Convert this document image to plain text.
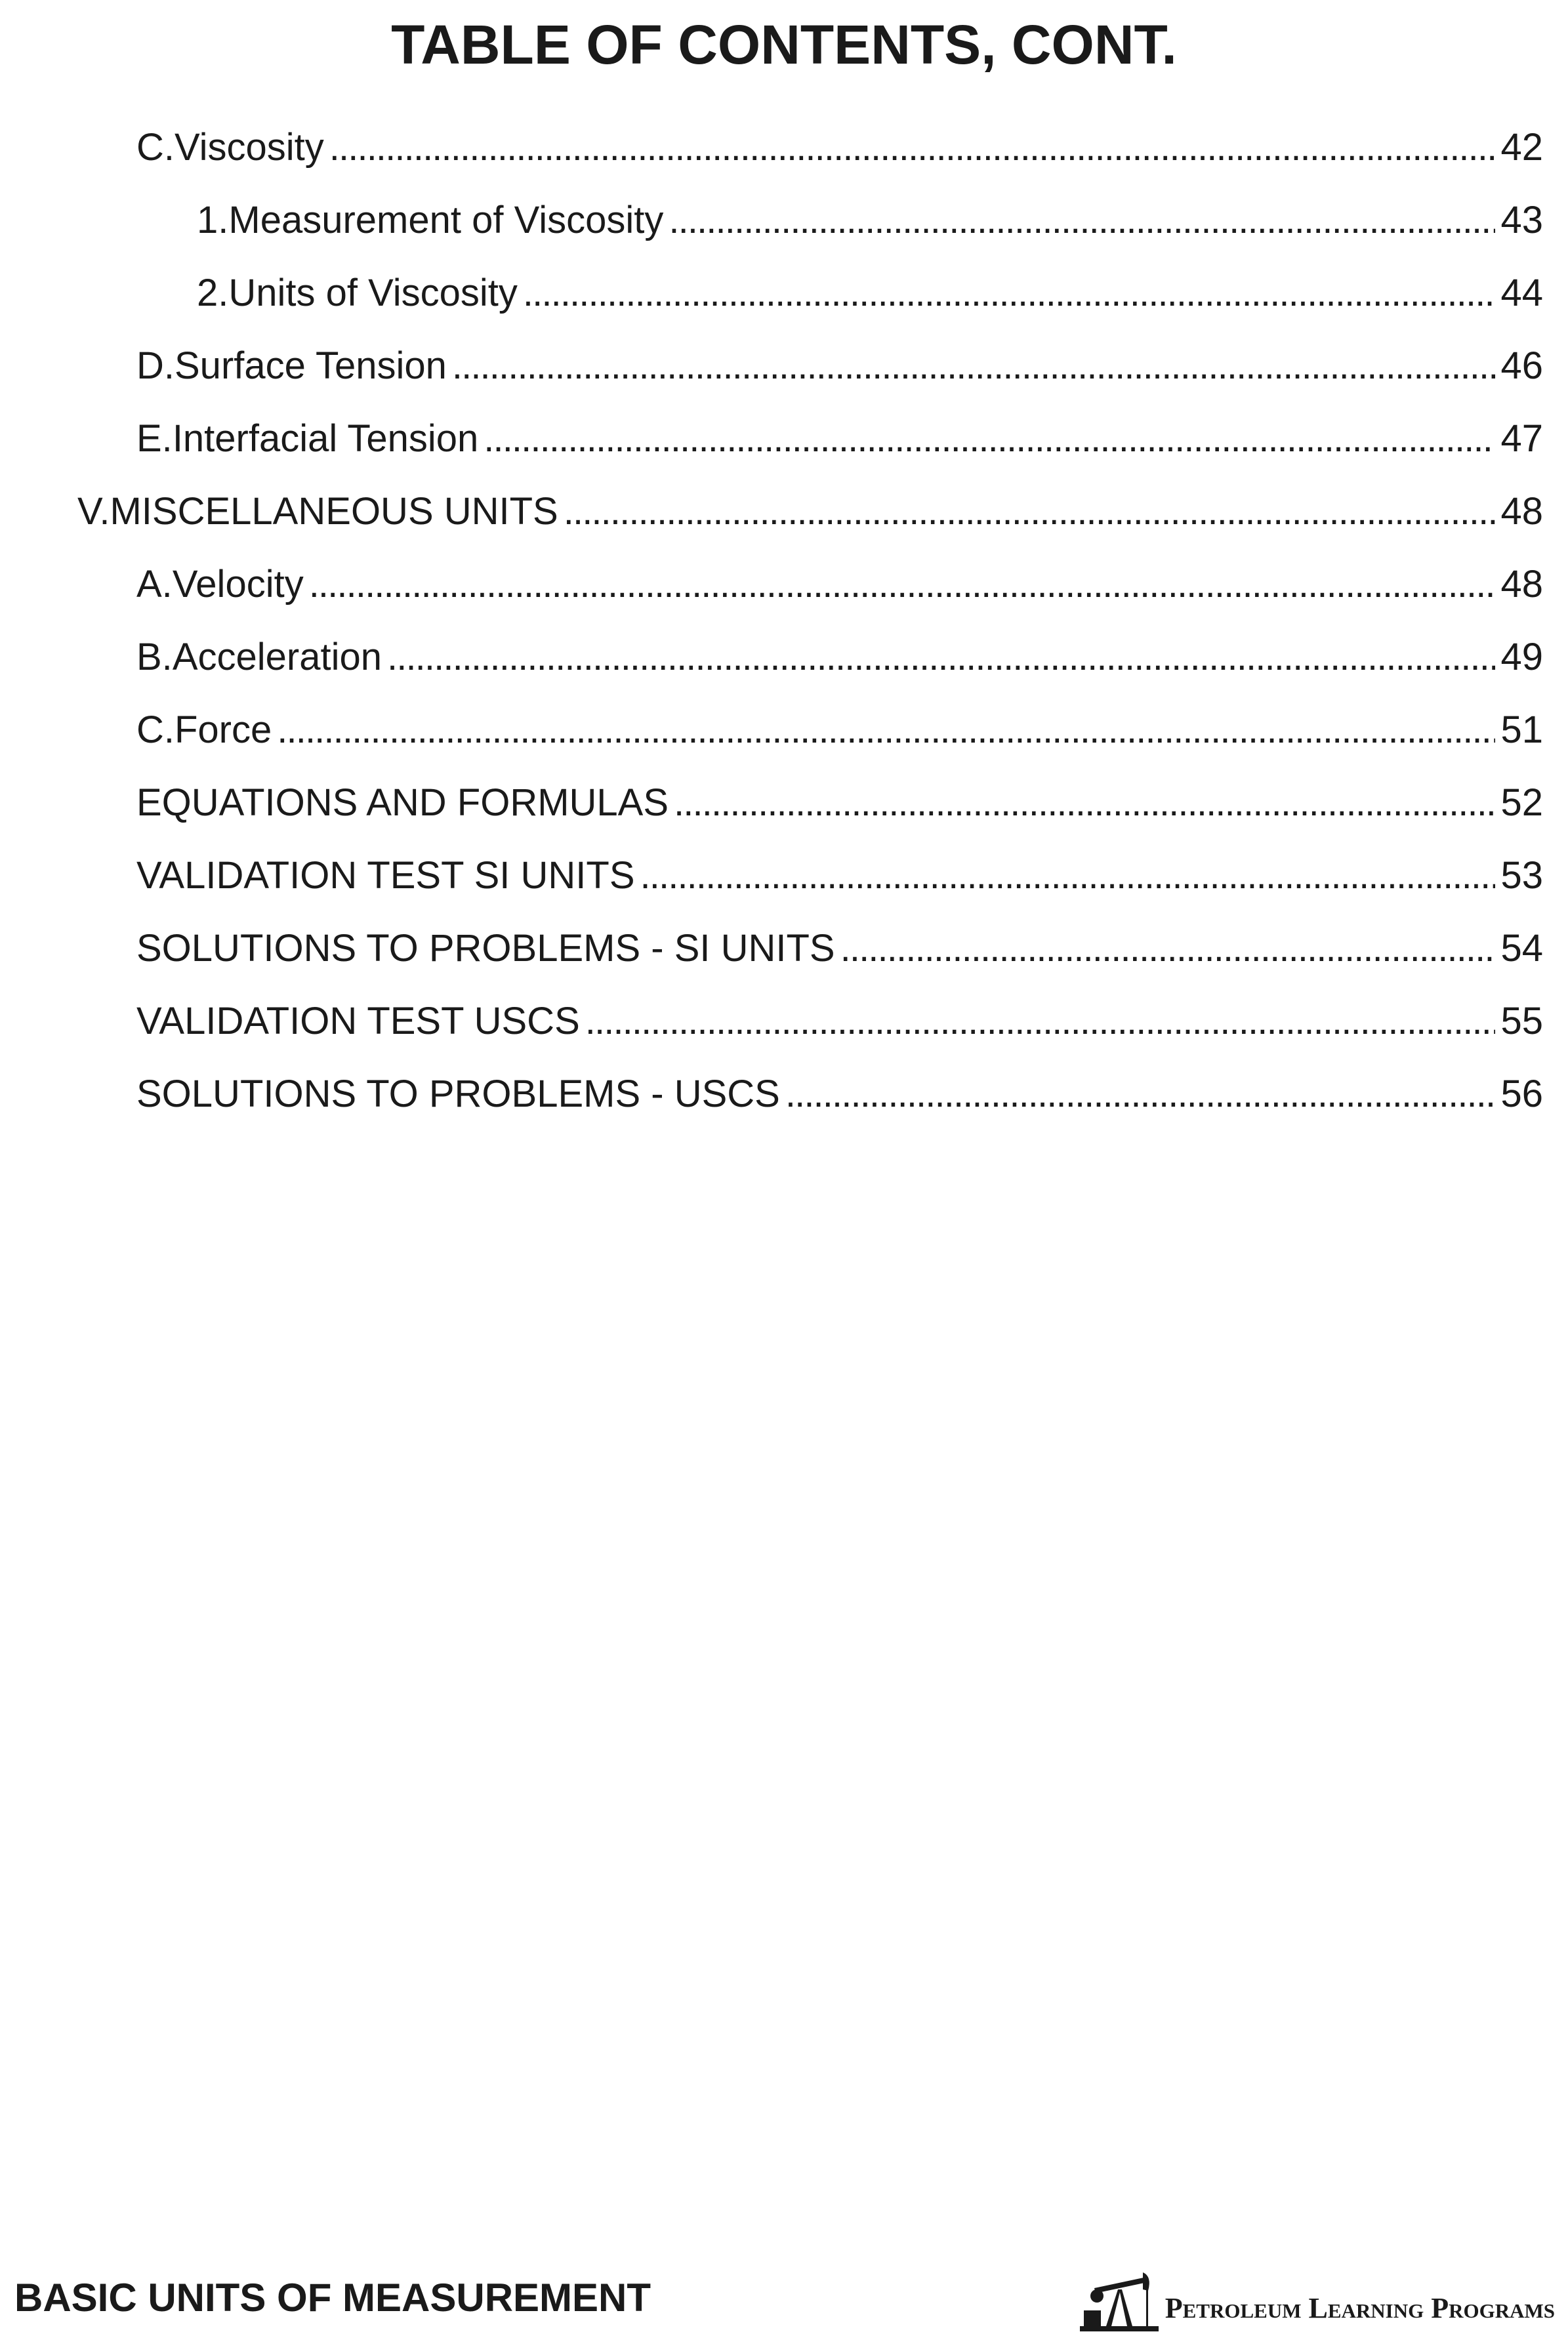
TABLE OF CONTENTS, CONT.
C. Viscosity . . .	42
1. Measurement of Viscosity . . .	43
2. Units of Viscosity . . .	44
D. Surface Tension . . .	46
E. Interfacial Tension . . .	47
V. MISCELLANEOUS UNITS . . .	48
A. Velocity . . .	48
B. Acceleration . . .	49
C. Force . . .	51
EQUATIONS AND FORMULAS . . .	52
VALIDATION TEST SI UNITS . . .	53
SOLUTIONS TO PROBLEMS - SI UNITS . . .	54
VALIDATION TEST USCS . . .	55
SOLUTIONS TO PROBLEMS - USCS . . .	56
BASIC UNITS OF MEASUREMENT	Petroleum Learning Programs
